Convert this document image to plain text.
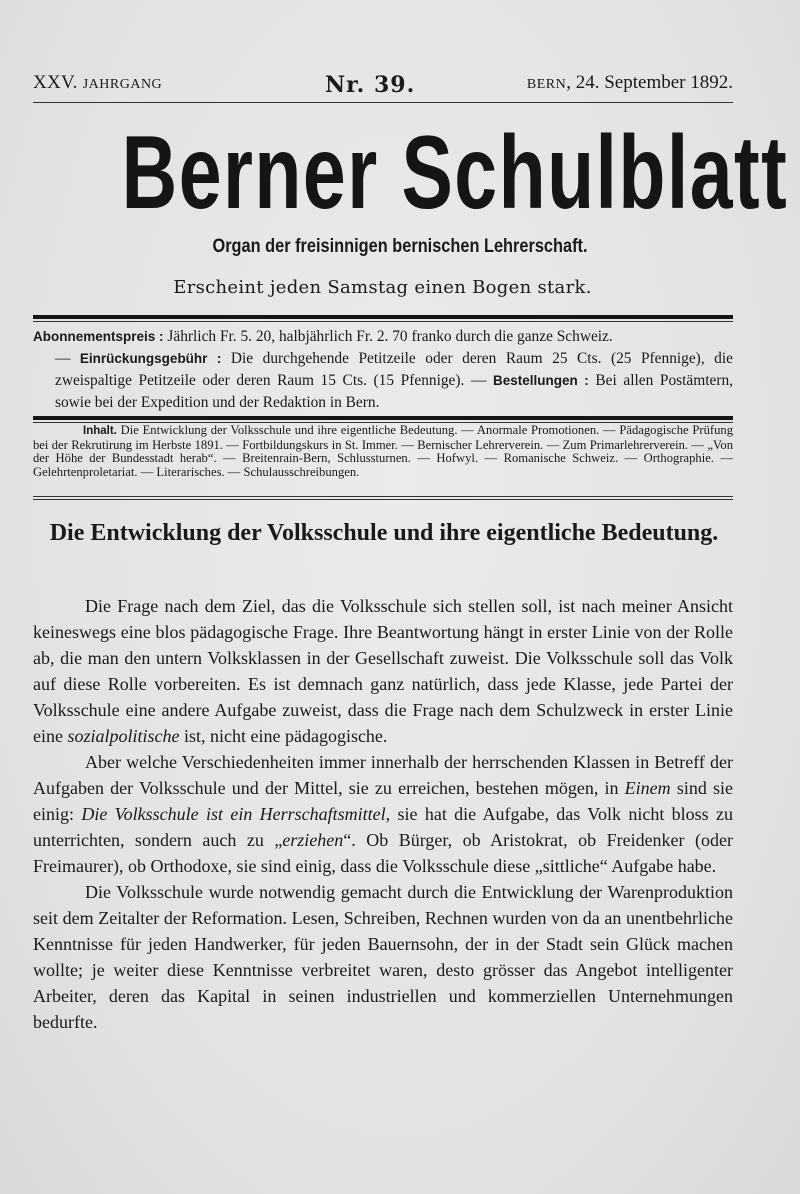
XXV. JAHRGANG	Nr. 39.	BERN, 24. September 1892.
Berner Schulblatt
Organ der freisinnigen bernischen Lehrerschaft.
Erscheint jeden Samstag einen Bogen stark.

Abonnementspreis : Jährlich Fr. 5. 20, halbjährlich Fr. 2. 70 franko durch die ganze Schweiz.

— Einrückungsgebühr : Die durchgehende Petitzeile oder deren Raum 25 Cts. (25 Pfennige), die zweispaltige Petitzeile oder deren Raum 15 Cts. (15 Pfennige). — Bestellungen : Bei allen Postämtern, sowie bei der Expedition und der Redaktion in Bern.

Inhalt. Die Entwicklung der Volksschule und ihre eigentliche Bedeutung. — Anormale Promotionen. — Pädagogische Prüfung bei der Rekrutirung im Herbste 1891. — Fortbildungskurs in St. Immer. — Bernischer Lehrerverein. — Zum Primarlehrerverein. — „Von der Höhe der Bundesstadt herab“. — Breitenrain-Bern, Schlussturnen. — Hofwyl. — Romanische Schweiz. — Orthographie. — Gelehrtenproletariat. — Literarisches. — Schulausschreibungen.

Die Entwicklung der Volksschule und ihre eigentliche Bedeutung.

Die Frage nach dem Ziel, das die Volksschule sich stellen soll, ist nach meiner Ansicht keineswegs eine blos pädagogische Frage. Ihre Beantwortung hängt in erster Linie von der Rolle ab, die man den untern Volksklassen in der Gesellschaft zuweist. Die Volksschule soll das Volk auf diese Rolle vorbereiten. Es ist demnach ganz natürlich, dass jede Klasse, jede Partei der Volksschule eine andere Aufgabe zuweist, dass die Frage nach dem Schulzweck in erster Linie eine sozialpolitische ist, nicht eine pädagogische.

Aber welche Verschiedenheiten immer innerhalb der herrschenden Klassen in Betreff der Aufgaben der Volksschule und der Mittel, sie zu erreichen, bestehen mögen, in Einem sind sie einig: Die Volksschule ist ein Herrschaftsmittel, sie hat die Aufgabe, das Volk nicht bloss zu unterrichten, sondern auch zu „erziehen“. Ob Bürger, ob Aristokrat, ob Freidenker (oder Freimaurer), ob Orthodoxe, sie sind einig, dass die Volksschule diese „sittliche“ Aufgabe habe.

Die Volksschule wurde notwendig gemacht durch die Entwicklung der Warenproduktion seit dem Zeitalter der Reformation. Lesen, Schreiben, Rechnen wurden von da an unentbehrliche Kenntnisse für jeden Handwerker, für jeden Bauernsohn, der in der Stadt sein Glück machen wollte; je weiter diese Kenntnisse verbreitet waren, desto grösser das Angebot intelligenter Arbeiter, deren das Kapital in seinen industriellen und kommerziellen Unternehmungen bedurfte.
